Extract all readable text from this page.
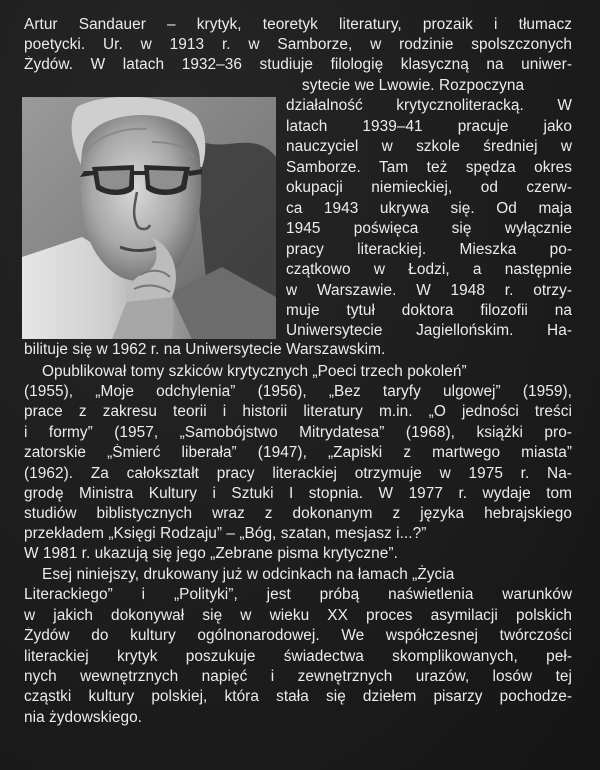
Artur Sandauer – krytyk, teoretyk literatury, prozaik i tłumacz
poetycki. Ur. w 1913 r. w Samborze, w rodzinie spolszczonych
Żydów. W latach 1932–36 studiuje filologię klasyczną na uniwer-
sytecie we Lwowie. Rozpoczyna
działalność krytycznoliteracką. W
latach 1939–41 pracuje jako
nauczyciel w szkole średniej w
Samborze. Tam też spędza okres
okupacji niemieckiej, od czerw-
ca 1943 ukrywa się. Od maja
1945 poświęca się wyłącznie
pracy literackiej. Mieszka po-
czątkowo w Łodzi, a następnie
w Warszawie. W 1948 r. otrzy-
muje tytuł doktora filozofii na
Uniwersytecie Jagiellońskim. Ha-
bilituje się w 1962 r. na Uniwersytecie Warszawskim.
Opublikował tomy szkiców krytycznych „Poeci trzech pokoleń”
(1955), „Moje odchylenia” (1956), „Bez taryfy ulgowej” (1959),
prace z zakresu teorii i historii literatury m.in. „O jedności treści
i formy” (1957, „Samobójstwo Mitrydatesa” (1968), książki pro-
zatorskie „Śmierć liberała” (1947), „Zapiski z martwego miasta”
(1962). Za całokształt pracy literackiej otrzymuje w 1975 r. Na-
grodę Ministra Kultury i Sztuki I stopnia. W 1977 r. wydaje tom
studiów biblistycznych wraz z dokonanym z języka hebrajskiego
przekładem „Księgi Rodzaju” – „Bóg, szatan, mesjasz i...?”
W 1981 r. ukazują się jego „Zebrane pisma krytyczne”.
Esej niniejszy, drukowany już w odcinkach na łamach „Życia
Literackiego” i „Polityki”, jest próbą naświetlenia warunków
w jakich dokonywał się w wieku XX proces asymilacji polskich
Żydów do kultury ogólnonarodowej. We współczesnej twórczości
literackiej krytyk poszukuje świadectwa skomplikowanych, peł-
nych wewnętrznych napięć i zewnętrznych urazów, losów tej
cząstki kultury polskiej, która stała się dziełem pisarzy pochodze-
nia żydowskiego.
